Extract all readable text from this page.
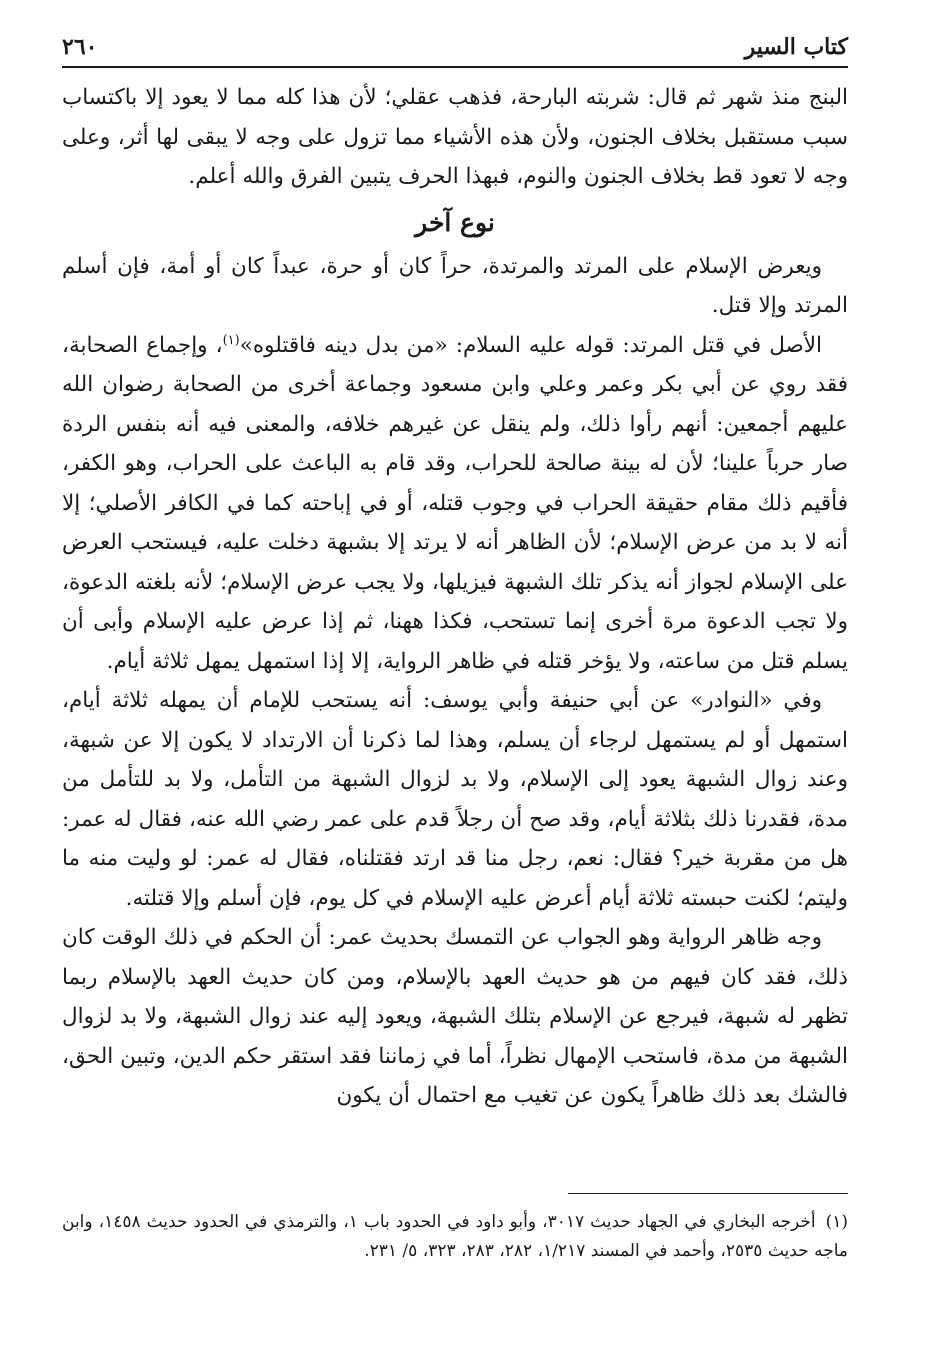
كتاب السير
٢٦٠

البنج منذ شهر ثم قال: شربته البارحة، فذهب عقلي؛ لأن هذا كله مما لا يعود إلا باكتساب سبب مستقبل بخلاف الجنون، ولأن هذه الأشياء مما تزول على وجه لا يبقى لها أثر، وعلى وجه لا تعود قط بخلاف الجنون والنوم، فبهذا الحرف يتبين الفرق والله أعلم.

نوع آخر

ويعرض الإسلام على المرتد والمرتدة، حراً كان أو حرة، عبداً كان أو أمة، فإن أسلم المرتد وإلا قتل.

الأصل في قتل المرتد: قوله عليه السلام: «من بدل دينه فاقتلوه»$^{(١)}$، وإجماع الصحابة، فقد روي عن أبي بكر وعمر وعلي وابن مسعود وجماعة أخرى من الصحابة رضوان الله عليهم أجمعين: أنهم رأوا ذلك، ولم ينقل عن غيرهم خلافه، والمعنى فيه أنه بنفس الردة صار حرباً علينا؛ لأن له بينة صالحة للحراب، وقد قام به الباعث على الحراب، وهو الكفر، فأقيم ذلك مقام حقيقة الحراب في وجوب قتله، أو في إباحته كما في الكافر الأصلي؛ إلا أنه لا بد من عرض الإسلام؛ لأن الظاهر أنه لا يرتد إلا بشبهة دخلت عليه، فيستحب العرض على الإسلام لجواز أنه يذكر تلك الشبهة فيزيلها، ولا يجب عرض الإسلام؛ لأنه بلغته الدعوة، ولا تجب الدعوة مرة أخرى إنما تستحب، فكذا ههنا، ثم إذا عرض عليه الإسلام وأبى أن يسلم قتل من ساعته، ولا يؤخر قتله في ظاهر الرواية، إلا إذا استمهل يمهل ثلاثة أيام.

وفي «النوادر» عن أبي حنيفة وأبي يوسف: أنه يستحب للإمام أن يمهله ثلاثة أيام، استمهل أو لم يستمهل لرجاء أن يسلم، وهذا لما ذكرنا أن الارتداد لا يكون إلا عن شبهة، وعند زوال الشبهة يعود إلى الإسلام، ولا بد لزوال الشبهة من التأمل، ولا بد للتأمل من مدة، فقدرنا ذلك بثلاثة أيام، وقد صح أن رجلاً قدم على عمر رضي الله عنه، فقال له عمر: هل من مقربة خير؟ فقال: نعم، رجل منا قد ارتد فقتلناه، فقال له عمر: لو وليت منه ما وليتم؛ لكنت حبسته ثلاثة أيام أعرض عليه الإسلام في كل يوم، فإن أسلم وإلا قتلته.

وجه ظاهر الرواية وهو الجواب عن التمسك بحديث عمر: أن الحكم في ذلك الوقت كان ذلك، فقد كان فيهم من هو حديث العهد بالإسلام، ومن كان حديث العهد بالإسلام ربما تظهر له شبهة، فيرجع عن الإسلام بتلك الشبهة، ويعود إليه عند زوال الشبهة، ولا بد لزوال الشبهة من مدة، فاستحب الإمهال نظراً، أما في زماننا فقد استقر حكم الدين، وتبين الحق، فالشك بعد ذلك ظاهراً يكون عن تغيب مع احتمال أن يكون

(١)أخرجه البخاري في الجهاد حديث ٣٠١٧، وأبو داود في الحدود باب ١، والترمذي في الحدود حديث ١٤٥٨، وابن ماجه حديث ٢٥٣٥، وأحمد في المسند ١/٢١٧، ٢٨٢، ٢٨٣، ٣٢٣، ٥/ ٢٣١.
